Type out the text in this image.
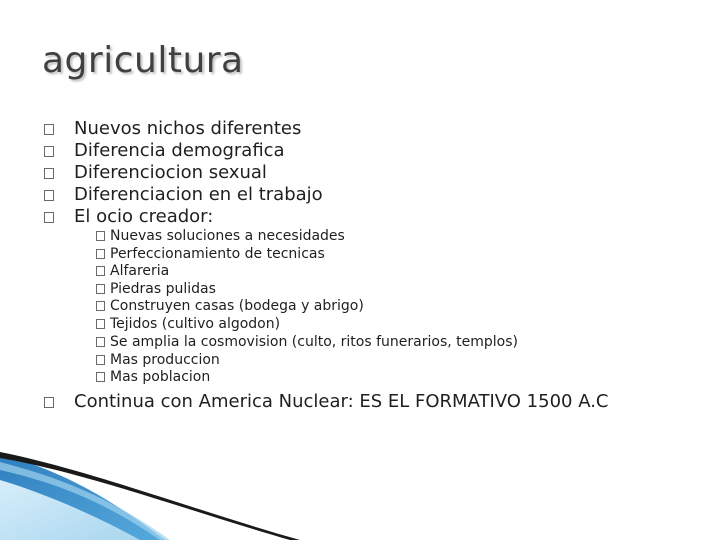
agricultura
Nuevos nichos diferentes
Diferencia demografica
Diferenciocion sexual
Diferenciacion en el trabajo
El ocio creador:
Nuevas soluciones a necesidades
Perfeccionamiento de tecnicas
Alfareria
Piedras pulidas
Construyen casas (bodega y abrigo)
Tejidos (cultivo algodon)
Se amplia la cosmovision (culto, ritos funerarios, templos)
Mas produccion
Mas poblacion
Continua con America Nuclear: ES EL FORMATIVO 1500 A.C
